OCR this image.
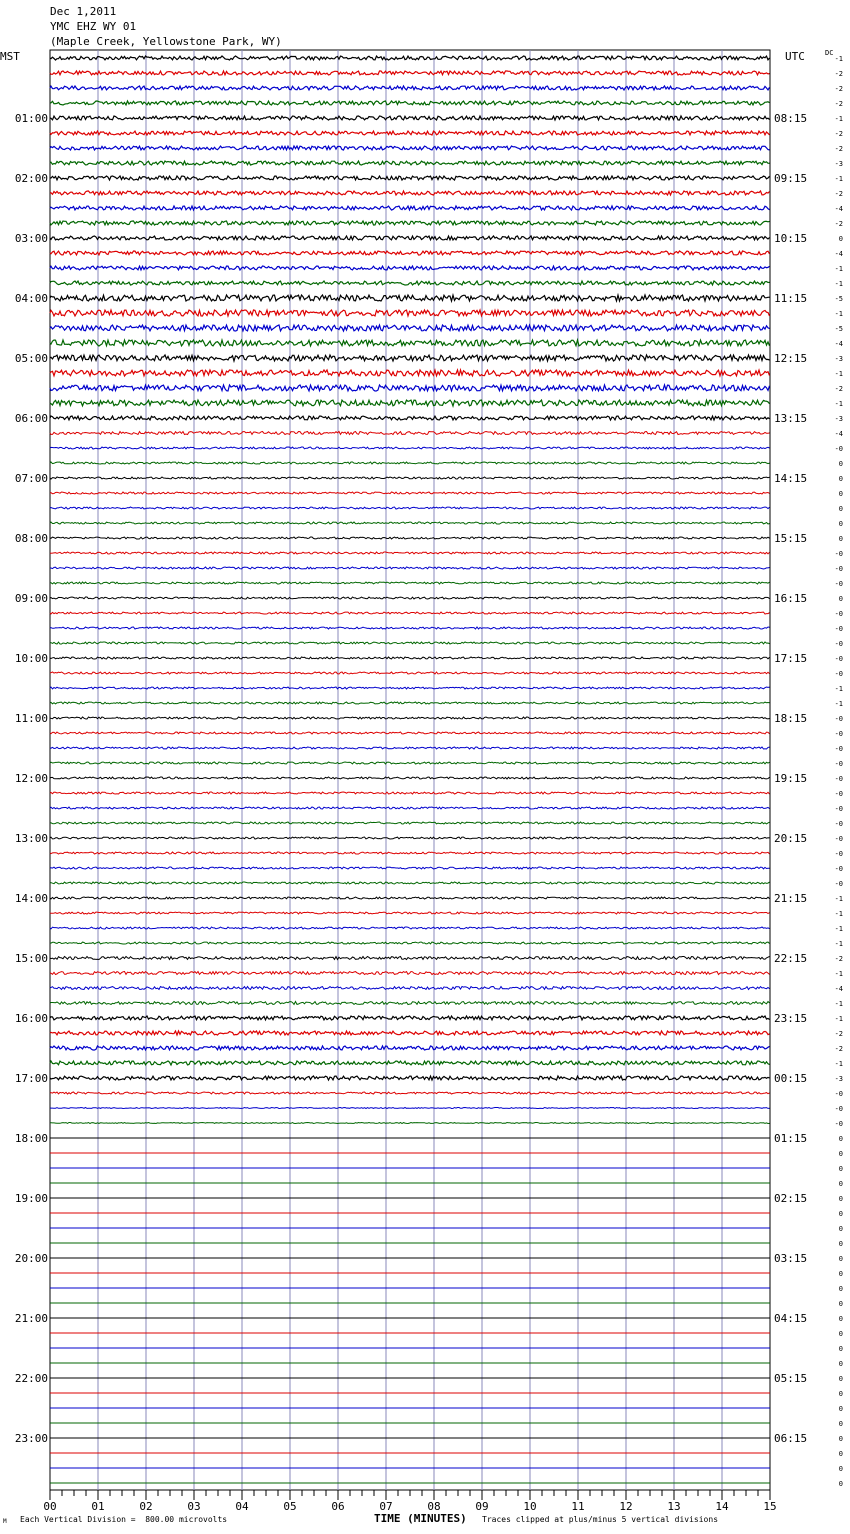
Dec 1,2011
YMC EHZ WY 01
(Maple Creek, Yellowstone Park, WY)
MST	UTC	DC
-1
-2
-2
-2
-1
-2
-2
-3
-1
-2
-4
-2
0
-4
-1
-1
-5
-1
-5
-4
-3
-1
-2
-1
-3
-4
-0
0
0
0
0
0
0
-0
-0
-0
0
-0
-0
-0
-0
-0
-1
-1
-0
-0
-0
-0
-0
-0
-0
-0
-0
-0
-0
-0
-1
-1
-1
-1
-2
-1
-4
-1
-1
-2
-2
-1
-3
-0
-0
-0
0
0
0
0
0
0
0
0
0
0
0
0
0
0
0
0
0
0
0
0
0
0
0
0
01:00
02:00
03:00
04:00
05:00
06:00
07:00
08:00
09:00
10:00
11:00
12:00
13:00
14:00
15:00
16:00
17:00
18:00
19:00
20:00
21:00
22:00
23:00
08:15
09:15
10:15
11:15
12:15
13:15
14:15
15:15
16:15
17:15
18:15
19:15
20:15
21:15
22:15
23:15
00:15
01:15
02:15
03:15
04:15
05:15
06:15
00	01	02	03	04	05	06	07	08	09	10	11	12	13	14	15
M Each Vertical Division =  800.00 microvolts	TIME (MINUTES) Traces clipped at plus/minus 5 vertical divisions
